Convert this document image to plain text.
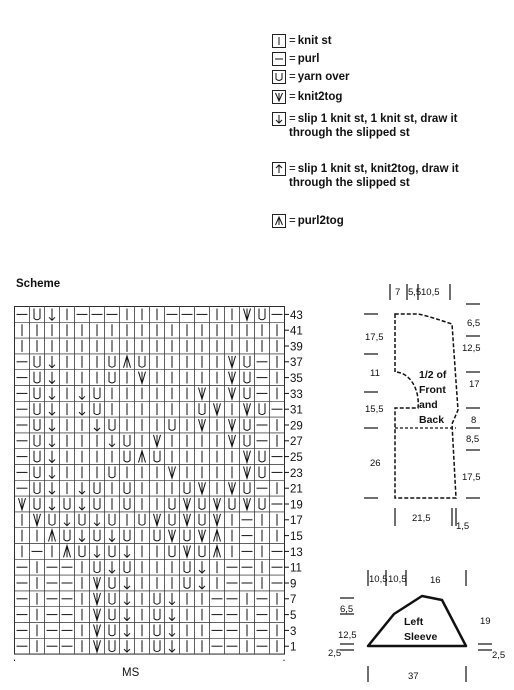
= knit st
= purl
= yarn over
= knit2tog
= slip 1 knit st, 1 knit st, draw it through the slipped st
= slip 1 knit st, knit2tog, draw it through the slipped st
= purl2tog
Scheme
43
41
39
37
35
33
31
29
27
25
23
21
19
17
15
13
11
9
7
5
3
1
MS
7 5,5 10,5
17,5
11
15,5
26
6,5
12,5
17
8
8,5
17,5
1/2 of
Front
and
Back
21,5
1,5
10,5 10,5 16
6,5
12,5
2,5
19
2,5
Left
Sleeve
37
